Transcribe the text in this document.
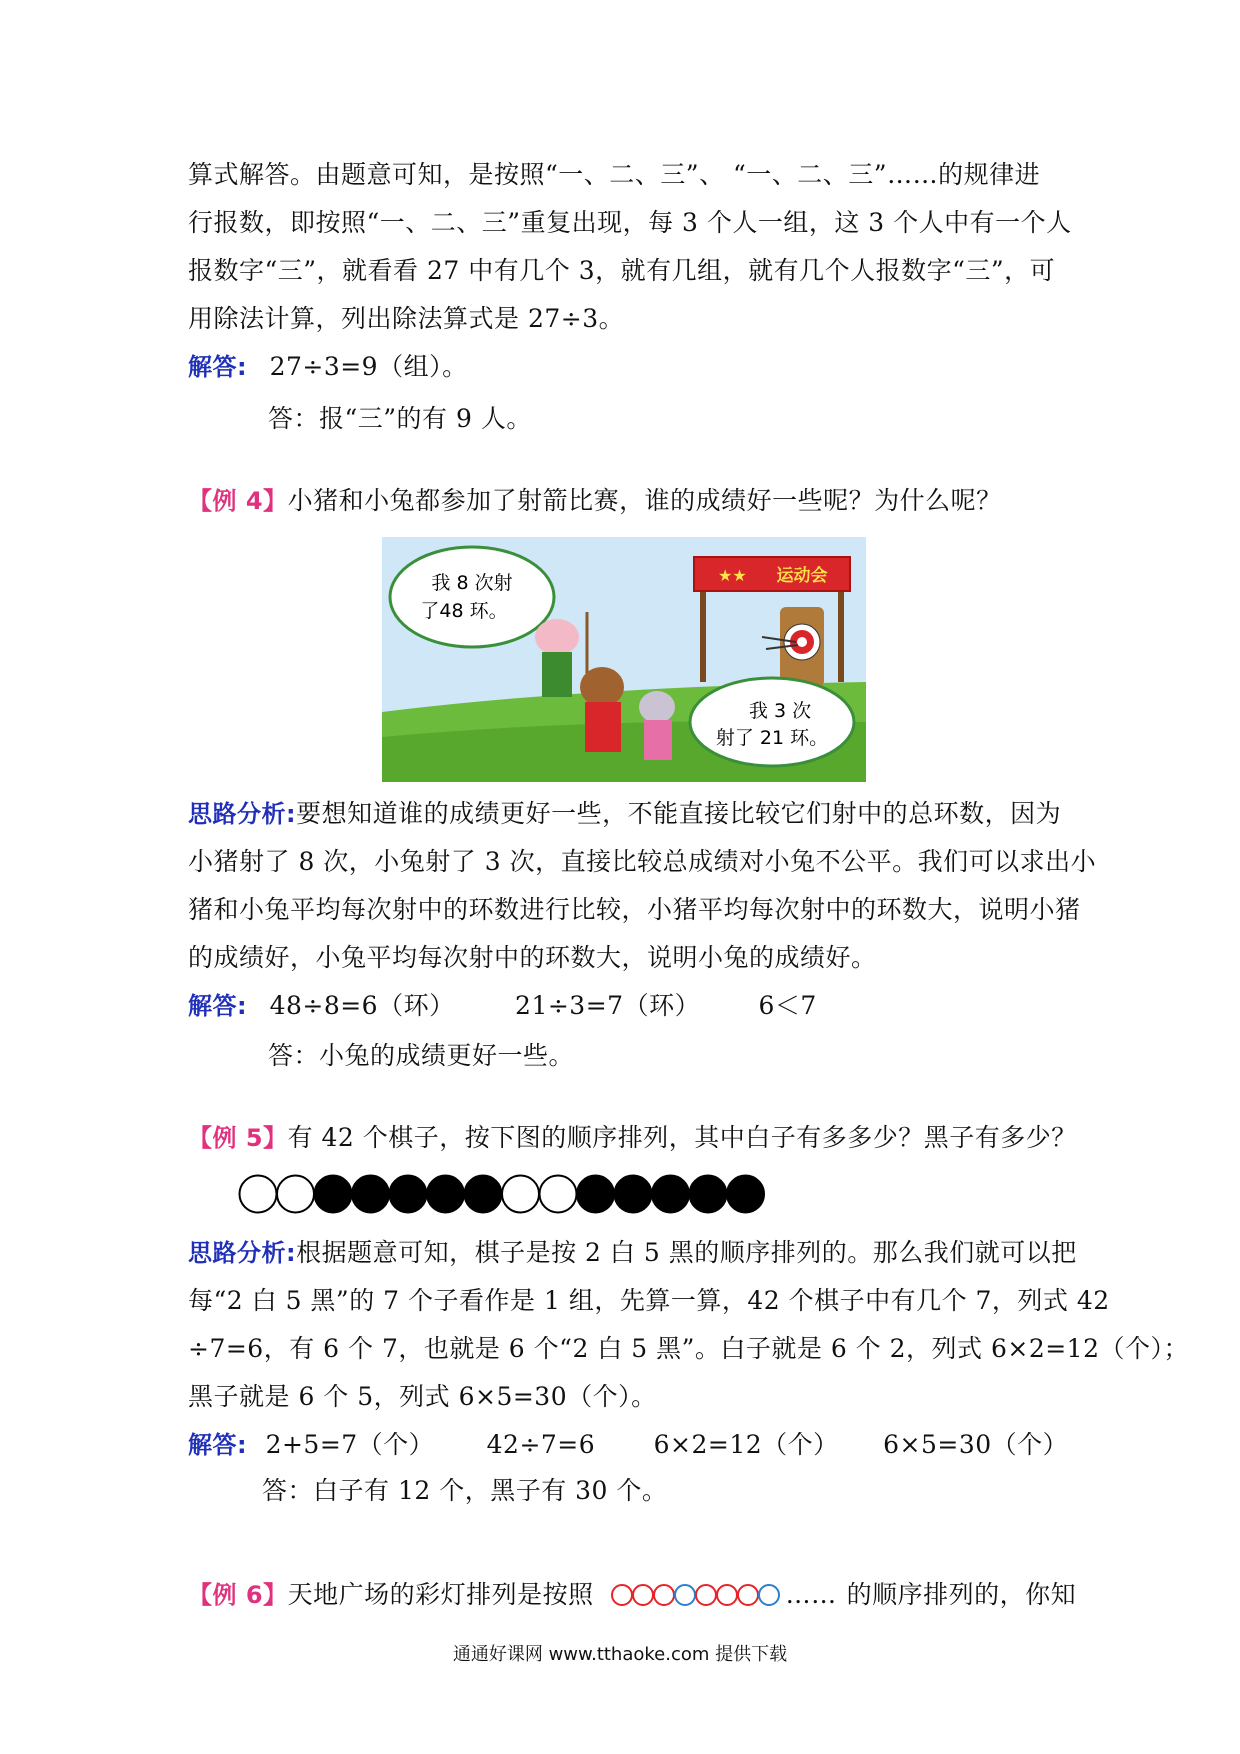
算式解答。由题意可知，是按照“一、二、三”、 “一、二、三”……的规律进
行报数，即按照“一、二、三”重复出现，每 3 个人一组，这 3 个人中有一个人
报数字“三”，就看看 27 中有几个 3，就有几组，就有几个人报数字“三”，可
用除法计算，列出除法算式是 27÷3。
解答: 27÷3=9（组）。
答：报“三”的有 9 人。
【例 4】小猪和小兔都参加了射箭比赛，谁的成绩好一些呢？为什么呢？
运动会
★★
我 8 次射
了48 环。
我 3 次
射了 21 环。
思路分析:要想知道谁的成绩更好一些，不能直接比较它们射中的总环数，因为
小猪射了 8 次，小兔射了 3 次，直接比较总成绩对小兔不公平。我们可以求出小
猪和小兔平均每次射中的环数进行比较，小猪平均每次射中的环数大，说明小猪
的成绩好，小兔平均每次射中的环数大，说明小兔的成绩好。
解答: 48÷8=6（环） 21÷3=7（环） 6＜7
答：小兔的成绩更好一些。
【例 5】有 42 个棋子，按下图的顺序排列，其中白子有多多少？黑子有多少？
思路分析:根据题意可知，棋子是按 2 白 5 黑的顺序排列的。那么我们就可以把
每“2 白 5 黑”的 7 个子看作是 1 组，先算一算，42 个棋子中有几个 7，列式 42
÷7=6，有 6 个 7，也就是 6 个“2 白 5 黑”。白子就是 6 个 2，列式 6×2=12（个）；
黑子就是 6 个 5，列式 6×5=30（个）。
解答: 2+5=7（个） 42÷7=6 6×2=12（个） 6×5=30（个）
答：白子有 12 个，黑子有 30 个。
【例 6】 天地广场的彩灯排列是按照	…… 的顺序排列的，你知
通通好课网 www.tthaoke.com 提供下载
